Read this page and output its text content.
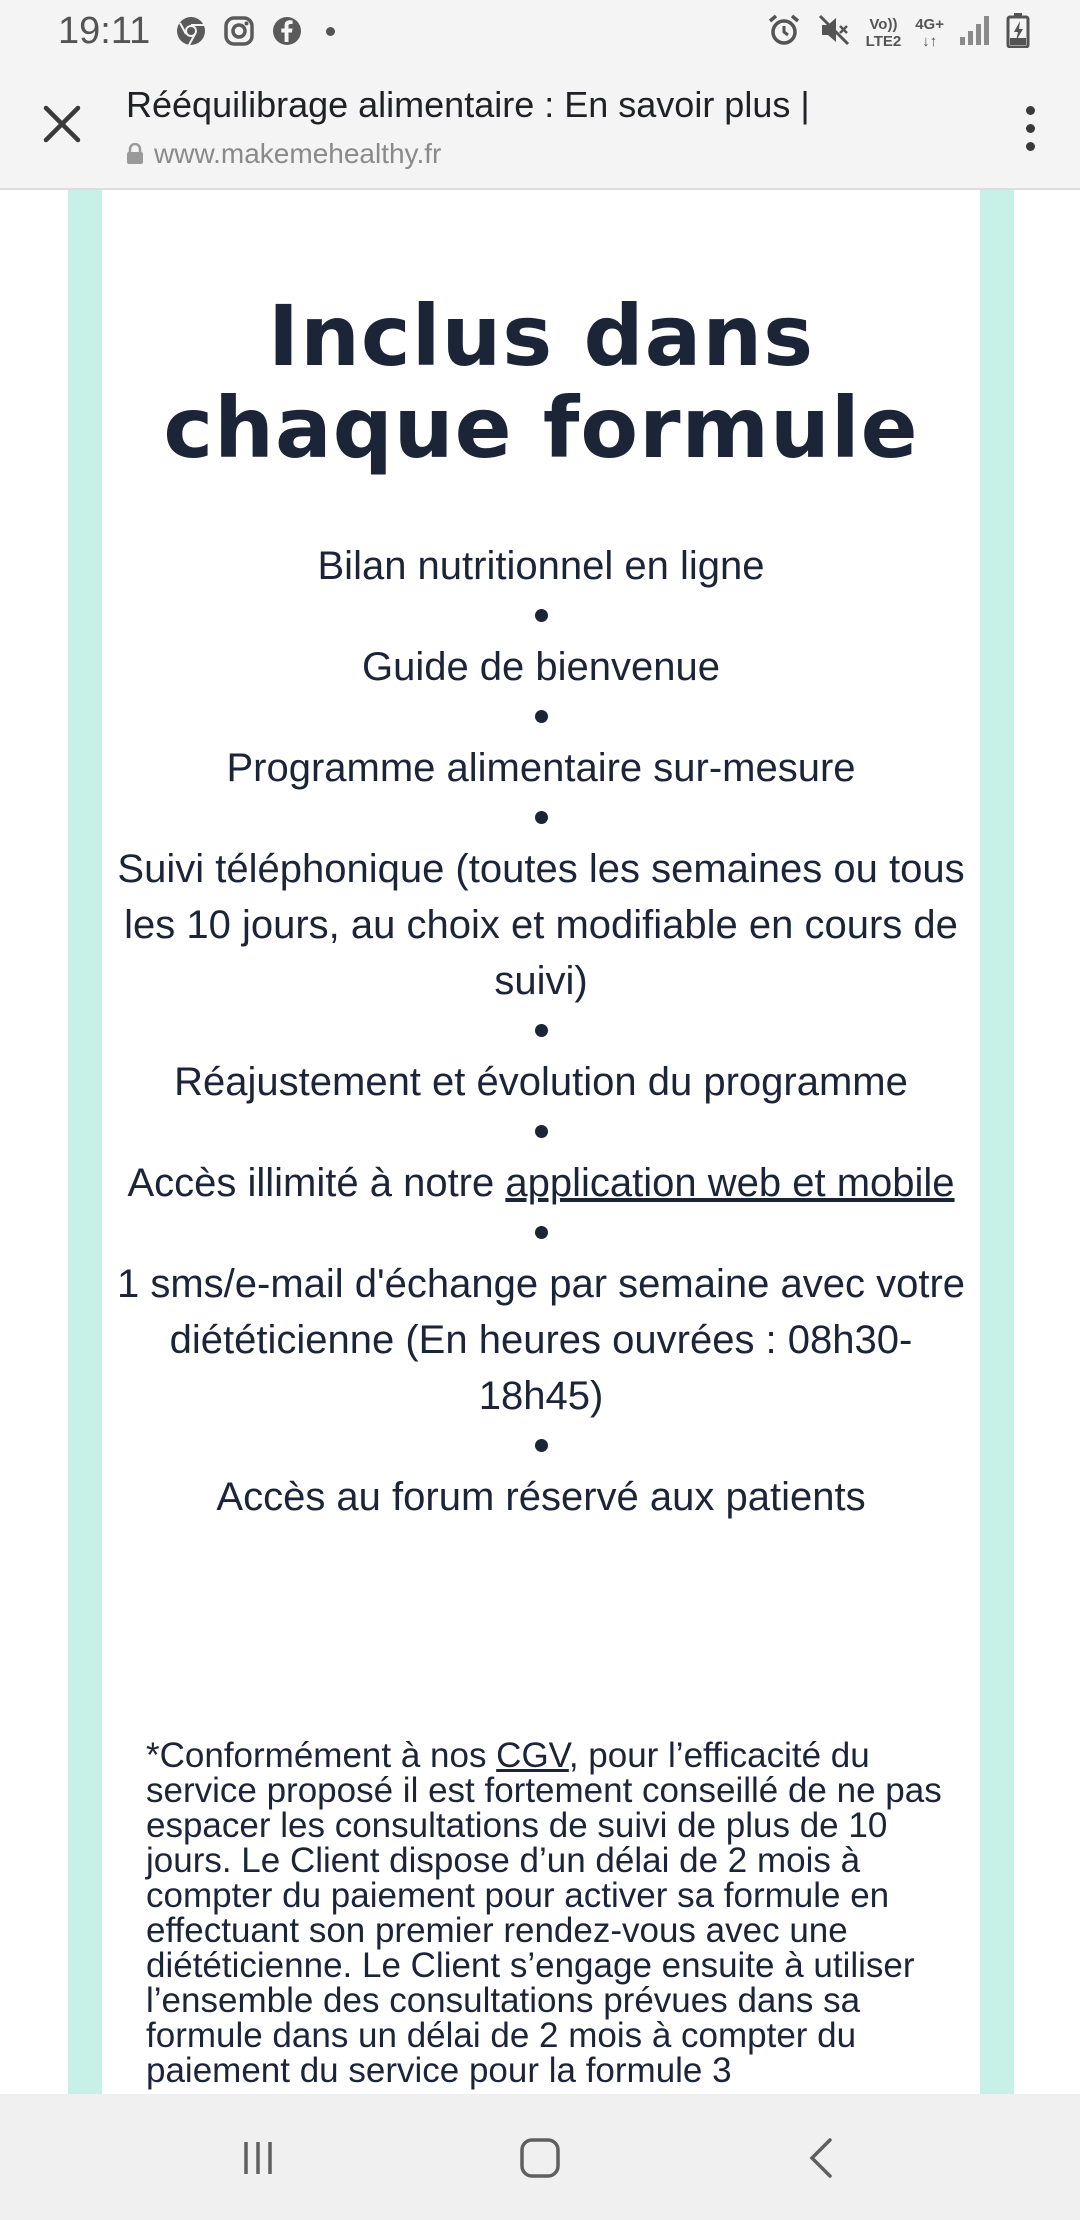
19:11	Vo))
LTE2
4G+
↓↑
Rééquilibrage alimentaire : En savoir plus |
www.makemehealthy.fr
Inclus dans
chaque formule
Bilan nutritionnel en ligne
Guide de bienvenue
Programme alimentaire sur-mesure
Suivi téléphonique (toutes les semaines ou tous les 10 jours, au choix et modifiable en cours de suivi)
Réajustement et évolution du programme
Accès illimité à notre application web et mobile
1 sms/e-mail d'échange par semaine avec votre diététicienne (En heures ouvrées : 08h30-18h45)
Accès au forum réservé aux patients
*Conformément à nos CGV, pour l’efficacité du service proposé il est fortement conseillé de ne pas espacer les consultations de suivi de plus de 10 jours. Le Client dispose d’un délai de 2 mois à compter du paiement pour activer sa formule en effectuant son premier rendez-vous avec une diététicienne. Le Client s’engage ensuite à utiliser l’ensemble des consultations prévues dans sa formule dans un délai de 2 mois à compter du paiement du service pour la formule 3
